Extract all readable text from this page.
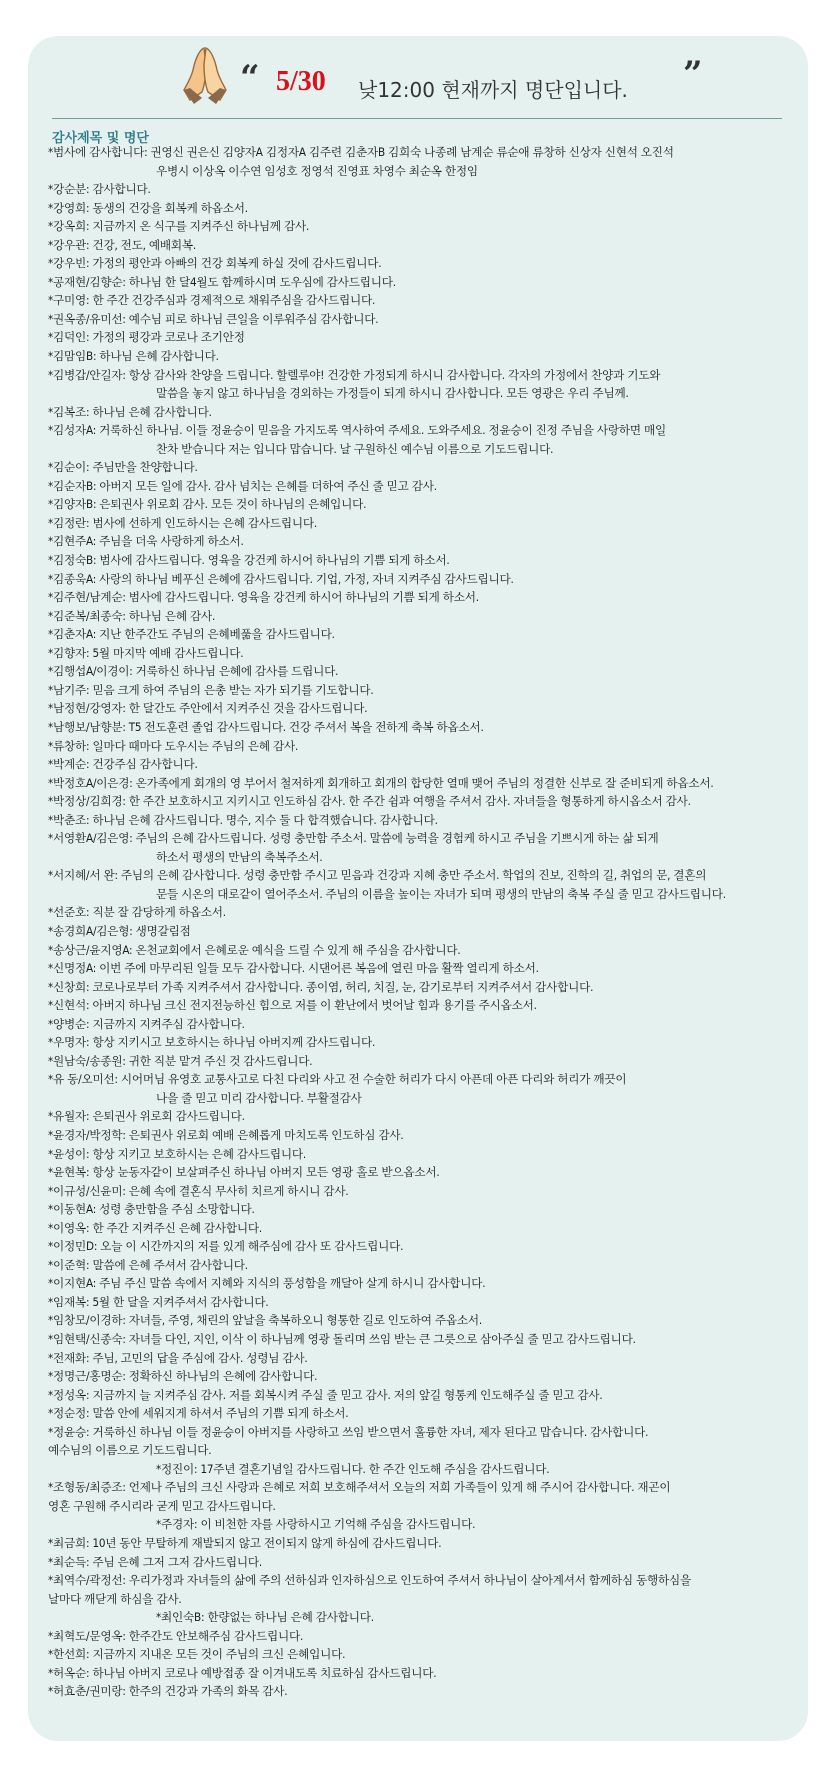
“ 5/30 낮12:00 현재까지 명단입니다. ”
감사제목 및 명단
*범사에 감사합니다: 권영신 권은신 김양자A 김정자A 김주련 김춘자B 김희숙 나종례 남계순 류순애 류창하 신상자 신현석 오진석
우병시 이상옥 이수연 임성호 정영석 진영표 차영수 최순옥 한정임
*강순분: 감사합니다.
*강영희: 동생의 건강을 회복케 하옵소서.
*강옥희: 지금까지 온 식구를 지켜주신 하나님께 감사.
*강우관: 건강, 전도, 예배회복.
*강우빈: 가정의 평안과 아빠의 건강 회복케 하실 것에 감사드립니다.
*공재현/김향순: 하나님 한 달4월도 함께하시며 도우심에 감사드립니다.
*구미영: 한 주간 건강주심과 경제적으로 채워주심을 감사드립니다.
*권옥종/유미선: 예수님 피로 하나님 큰일을 이루워주심 감사합니다.
*김덕인: 가정의 평강과 코로나 조기안정
*김맘임B: 하나님 은혜 감사합니다.
*김병갑/안길자: 항상 감사와 찬양을 드립니다. 할렐루야! 건강한 가정되게 하시니 감사합니다. 각자의 가정에서 찬양과 기도와
말씀을 놓지 않고 하나님을 경외하는 가정들이 되게 하시니 감사합니다. 모든 영광은 우리 주님께.
*김복조: 하나님 은혜 감사합니다.
*김성자A: 거룩하신 하나님. 이들 정윤승이 믿음을 가지도록 역사하여 주세요. 도와주세요. 정윤승이 진정 주님을 사랑하면 매일
찬차 받습니다 저는 입니다 맙습니다. 날 구원하신 예수님 이름으로 기도드립니다.
*김순이: 주님만을 찬양합니다.
*김순자B: 아버지 모든 일에 감사. 감사 넘치는 은혜를 더하여 주신 줄 믿고 감사.
*김양자B: 은퇴권사 위로회 감사. 모든 것이 하나님의 은혜입니다.
*김정란: 범사에 선하게 인도하시는 은혜 감사드립니다.
*김현주A: 주님을 더욱 사랑하게 하소서.
*김정숙B: 범사에 감사드립니다. 영육을 강건케 하시어 하나님의 기쁨 되게 하소서.
*김종욱A: 사랑의 하나님 베푸신 은혜에 감사드립니다. 기업, 가정, 자녀 지켜주심 감사드립니다.
*김주현/남계순: 범사에 감사드립니다. 영육을 강건케 하시어 하나님의 기쁨 되게 하소서.
*김준복/최종숙: 하나님 은혜 감사.
*김춘자A: 지난 한주간도 주님의 은혜베풂을 감사드립니다.
*김향자: 5월 마지막 예배 감사드립니다.
*김행섭A/이경이: 거룩하신 하나님 은혜에 감사를 드립니다.
*남기주: 믿음 크게 하여 주님의 은총 받는 자가 되기를 기도합니다.
*남정현/강영자: 한 달간도 주안에서 지켜주신 것을 감사드립니다.
*남행보/남향분: T5 전도훈련 졸업 감사드립니다. 건강 주셔서 복을 전하게 축복 하옵소서.
*류창하: 일마다 때마다 도우시는 주님의 은혜 감사.
*박계순: 건강주심 감사합니다.
*박정호A/이은경: 온가족에게 회개의 영 부어서 철저하게 회개하고 회개의 합당한 열매 맺어 주님의 정결한 신부로 잘 준비되게 하옵소서.
*박정상/김희경: 한 주간 보호하시고 지키시고 인도하심 감사. 한 주간 쉼과 여행을 주셔서 감사. 자녀들을 형통하게 하시옵소서 감사.
*박춘조: 하나님 은혜 감사드립니다. 명수, 지수 둘 다 합격했습니다. 감사합니다.
*서영환A/김은영: 주님의 은혜 감사드립니다. 성령 충만함 주소서. 말씀에 능력을 경험케 하시고 주님을 기쁘시게 하는 삶 되게
하소서 평생의 만남의 축복주소서.
*서지혜/서 완: 주님의 은혜 감사합니다. 성령 충만함 주시고 믿음과 건강과 지혜 충만 주소서. 학업의 진보, 진학의 길, 취업의 문, 결혼의
문들 시온의 대로같이 열어주소서. 주님의 이름을 높이는 자녀가 되며 평생의 만남의 축복 주실 줄 믿고 감사드립니다.
*선준호: 직분 잘 감당하게 하옵소서.
*송경희A/김은형: 생명갈림점
*송상근/윤지영A: 온천교회에서 은혜로운 예식을 드릴 수 있게 해 주심을 감사합니다.
*신명정A: 이번 주에 마무리된 일들 모두 감사합니다. 시댄어른 복음에 열린 마음 활짝 열리게 하소서.
*신창희: 코로나로부터 가족 지켜주셔서 감사합니다. 종이염, 허리, 치질, 눈, 감기로부터 지켜주셔서 감사합니다.
*신현석: 아버지 하나님 크신 전지전능하신 힘으로 저를 이 환난에서 벗어날 힘과 용기를 주시옵소서.
*양병순: 지금까지 지켜주심 감사합니다.
*우명자: 항상 지키시고 보호하시는 하나님 아버지께 감사드립니다.
*원남숙/송종원: 귀한 직분 맡겨 주신 것 감사드립니다.
*유 동/오미선: 시어머님 유영호 교통사고로 다친 다리와 사고 전 수술한 허리가 다시 아픈데 아픈 다리와 허리가 깨끗이
나을 줄 믿고 미리 감사합니다. 부활절감사
*유월자: 은퇴권사 위로회 감사드립니다.
*윤경자/박정학: 은퇴권사 위로회 예배 은혜롭게 마치도록 인도하심 감사.
*윤성이: 항상 지키고 보호하시는 은혜 감사드립니다.
*윤현복: 항상 눈동자같이 보살펴주신 하나님 아버지 모든 영광 홀로 받으옵소서.
*이규성/신윤미: 은혜 속에 결혼식 무사히 치르게 하시니 감사.
*이동현A: 성령 충만함을 주심 소망합니다.
*이영옥: 한 주간 지켜주신 은혜 감사합니다.
*이정민D: 오늘 이 시간까지의 저를 있게 해주심에 감사 또 감사드립니다.
*이준혁: 말씀에 은혜 주셔서 감사합니다.
*이지현A: 주님 주신 말씀 속에서 지혜와 지식의 풍성함을 깨달아 살게 하시니 감사합니다.
*임재복: 5월 한 달을 지켜주셔서 감사합니다.
*임창모/이경하: 자녀들, 주영, 채린의 앞날을 축복하오니 형통한 길로 인도하여 주옵소서.
*임현택/신종숙: 자녀들 다인, 지인, 이삭 이 하나님께 영광 돌리며 쓰임 받는 큰 그릇으로 삼아주실 줄 믿고 감사드립니다.
*전재화: 주님, 고민의 답을 주심에 감사. 성령님 감사.
*정명근/홍명순: 정확하신 하나님의 은혜에 감사합니다.
*정성옥: 지금까지 늘 지켜주심 감사. 저를 회복시켜 주실 줄 믿고 감사. 저의 앞길 형통케 인도해주실 줄 믿고 감사.
*정순정: 말씀 안에 세워지게 하셔서 주님의 기쁨 되게 하소서.
*정윤승: 거룩하신 하나님 이들 정윤승이 아버지를 사랑하고 쓰임 받으면서 훌륭한 자녀, 제자 된다고 맙습니다. 감사합니다.
예수님의 이름으로 기도드립니다.
*정진이: 17주년 결혼기념일 감사드립니다. 한 주간 인도해 주심을 감사드립니다.
*조형동/최증조: 언제나 주님의 크신 사랑과 은혜로 저희 보호해주셔서 오늘의 저희 가족들이 있게 해 주시어 감사합니다. 재곤이
영혼 구원해 주시리라 굳게 믿고 감사드립니다.
*주경자: 이 비천한 자를 사랑하시고 기억해 주심을 감사드립니다.
*최금희: 10년 동안 무탈하게 재발되지 않고 전이되지 않게 하심에 감사드립니다.
*최순득: 주님 은혜 그저 그저 감사드립니다.
*최역수/곽정선: 우리가정과 자녀들의 삶에 주의 선하심과 인자하심으로 인도하여 주셔서 하나님이 살아계셔서 함께하심 동행하심을
날마다 깨닫게 하심을 감사.
*최인숙B: 한량없는 하나님 은혜 감사합니다.
*최혁도/문영옥: 한주간도 안보해주심 감사드립니다.
*한선희: 지금까지 지내온 모든 것이 주님의 크신 은혜입니다.
*허옥순: 하나님 아버지 코로나 예방접종 잘 이겨내도록 치료하심 감사드립니다.
*허효춘/권미랑: 한주의 건강과 가족의 화목 감사.
